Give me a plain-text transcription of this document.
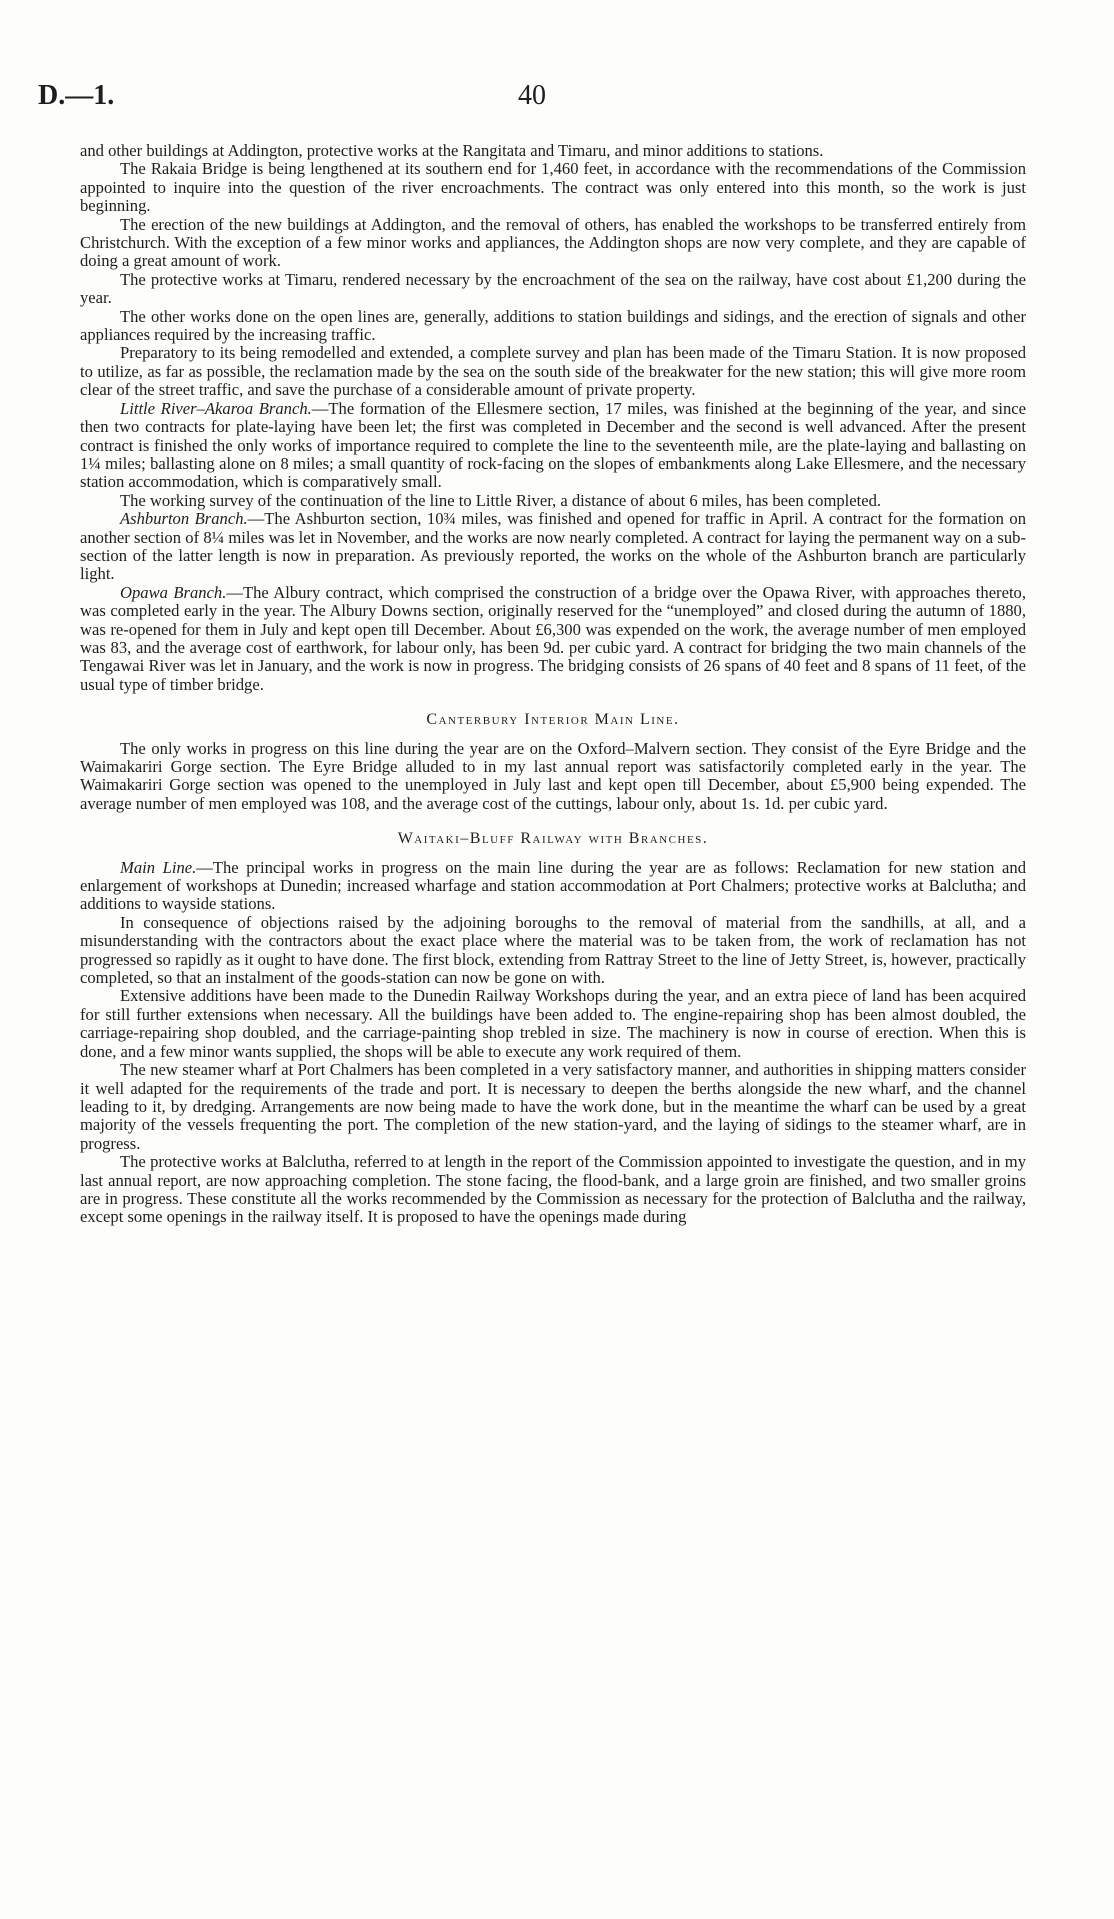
D.—1.	40

and other buildings at Addington, protective works at the Rangitata and Timaru, and minor additions to stations.

The Rakaia Bridge is being lengthened at its southern end for 1,460 feet, in accordance with the recommendations of the Commission appointed to inquire into the question of the river encroachments. The contract was only entered into this month, so the work is just beginning.

The erection of the new buildings at Addington, and the removal of others, has enabled the workshops to be transferred entirely from Christchurch. With the exception of a few minor works and appliances, the Addington shops are now very complete, and they are capable of doing a great amount of work.

The protective works at Timaru, rendered necessary by the encroachment of the sea on the railway, have cost about £1,200 during the year.

The other works done on the open lines are, generally, additions to station buildings and sidings, and the erection of signals and other appliances required by the increasing traffic.

Preparatory to its being remodelled and extended, a complete survey and plan has been made of the Timaru Station. It is now proposed to utilize, as far as possible, the reclamation made by the sea on the south side of the breakwater for the new station; this will give more room clear of the street traffic, and save the purchase of a considerable amount of private property.

Little River–Akaroa Branch.—The formation of the Ellesmere section, 17 miles, was finished at the beginning of the year, and since then two contracts for plate-laying have been let; the first was completed in December and the second is well advanced. After the present contract is finished the only works of importance required to complete the line to the seventeenth mile, are the plate-laying and ballasting on 1¼ miles; ballasting alone on 8 miles; a small quantity of rock-facing on the slopes of embankments along Lake Ellesmere, and the necessary station accommodation, which is comparatively small.

The working survey of the continuation of the line to Little River, a distance of about 6 miles, has been completed.

Ashburton Branch.—The Ashburton section, 10¾ miles, was finished and opened for traffic in April. A contract for the formation on another section of 8¼ miles was let in November, and the works are now nearly completed. A contract for laying the permanent way on a sub-section of the latter length is now in preparation. As previously reported, the works on the whole of the Ashburton branch are particularly light.

Opawa Branch.—The Albury contract, which comprised the construction of a bridge over the Opawa River, with approaches thereto, was completed early in the year. The Albury Downs section, originally reserved for the “unemployed” and closed during the autumn of 1880, was re-opened for them in July and kept open till December. About £6,300 was expended on the work, the average number of men employed was 83, and the average cost of earthwork, for labour only, has been 9d. per cubic yard. A contract for bridging the two main channels of the Tengawai River was let in January, and the work is now in progress. The bridging consists of 26 spans of 40 feet and 8 spans of 11 feet, of the usual type of timber bridge.

Canterbury Interior Main Line.

The only works in progress on this line during the year are on the Oxford–Malvern section. They consist of the Eyre Bridge and the Waimakariri Gorge section. The Eyre Bridge alluded to in my last annual report was satisfactorily completed early in the year. The Waimakariri Gorge section was opened to the unemployed in July last and kept open till December, about £5,900 being expended. The average number of men employed was 108, and the average cost of the cuttings, labour only, about 1s. 1d. per cubic yard.

Waitaki–Bluff Railway with Branches.

Main Line.—The principal works in progress on the main line during the year are as follows: Reclamation for new station and enlargement of workshops at Dunedin; increased wharfage and station accommodation at Port Chalmers; protective works at Balclutha; and additions to wayside stations.

In consequence of objections raised by the adjoining boroughs to the removal of material from the sandhills, at all, and a misunderstanding with the contractors about the exact place where the material was to be taken from, the work of reclamation has not progressed so rapidly as it ought to have done. The first block, extending from Rattray Street to the line of Jetty Street, is, however, practically completed, so that an instalment of the goods-station can now be gone on with.

Extensive additions have been made to the Dunedin Railway Workshops during the year, and an extra piece of land has been acquired for still further extensions when necessary. All the buildings have been added to. The engine-repairing shop has been almost doubled, the carriage-repairing shop doubled, and the carriage-painting shop trebled in size. The machinery is now in course of erection. When this is done, and a few minor wants supplied, the shops will be able to execute any work required of them.

The new steamer wharf at Port Chalmers has been completed in a very satisfactory manner, and authorities in shipping matters consider it well adapted for the requirements of the trade and port. It is necessary to deepen the berths alongside the new wharf, and the channel leading to it, by dredging. Arrangements are now being made to have the work done, but in the meantime the wharf can be used by a great majority of the vessels frequenting the port. The completion of the new station-yard, and the laying of sidings to the steamer wharf, are in progress.

The protective works at Balclutha, referred to at length in the report of the Commission appointed to investigate the question, and in my last annual report, are now approaching completion. The stone facing, the flood-bank, and a large groin are finished, and two smaller groins are in progress. These constitute all the works recommended by the Commission as necessary for the protection of Balclutha and the railway, except some openings in the railway itself. It is proposed to have the openings made during
